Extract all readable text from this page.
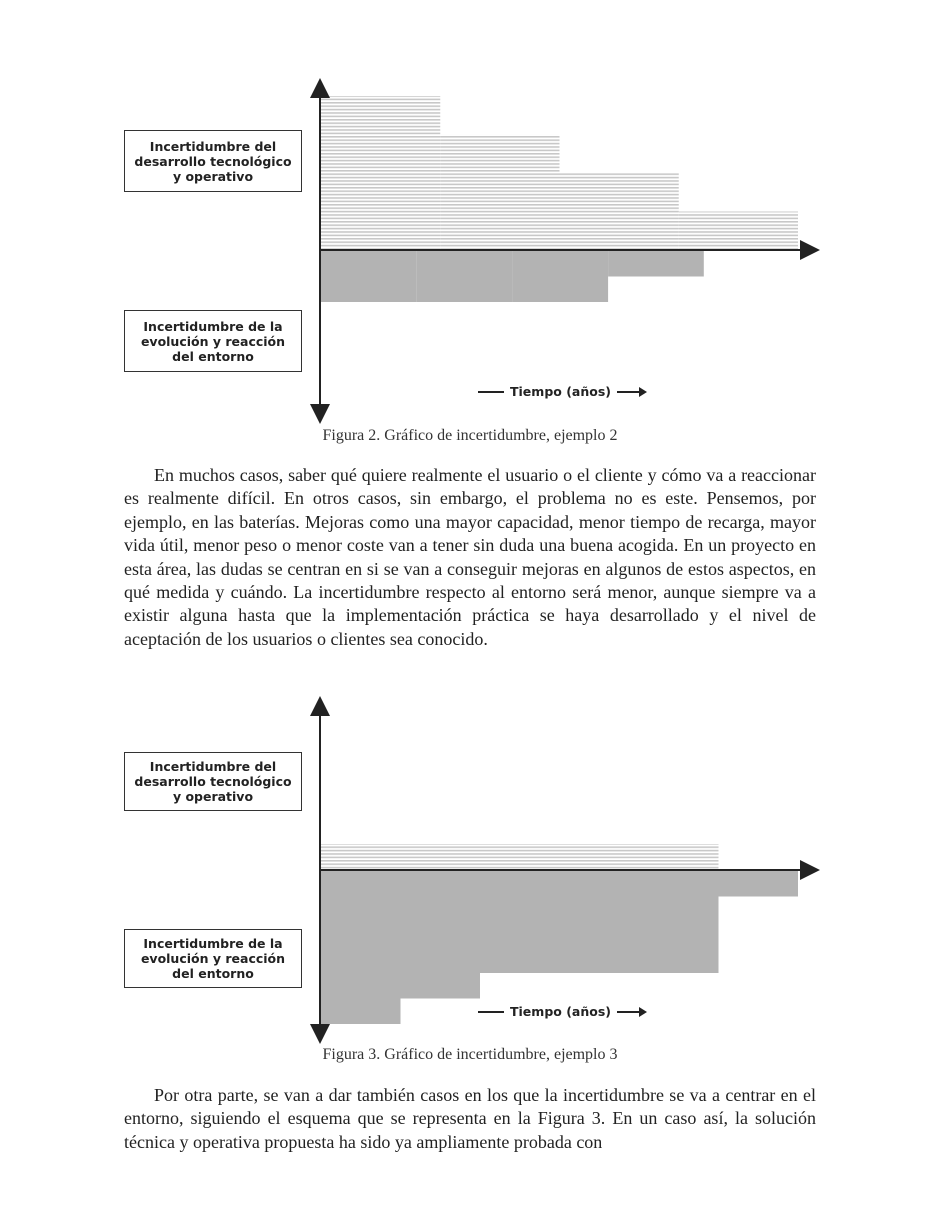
Incertidumbre del desarrollo tecnológico y operativo
Incertidumbre de la evolución y reacción del entorno
Tiempo (años)
Figura 2. Gráfico de incertidumbre, ejemplo 2

En muchos casos, saber qué quiere realmente el usuario o el cliente y cómo va a reaccionar es realmente difícil. En otros casos, sin embargo, el problema no es este. Pensemos, por ejemplo, en las baterías. Mejoras como una mayor capacidad, menor tiempo de recarga, mayor vida útil, menor peso o menor coste van a tener sin duda una buena acogida. En un proyecto en esta área, las dudas se centran en si se van a conseguir mejoras en algunos de estos aspectos, en qué medida y cuándo. La incertidumbre respecto al entorno será menor, aunque siempre va a existir alguna hasta que la implementación práctica se haya desarrollado y el nivel de aceptación de los usuarios o clientes sea conocido.

Incertidumbre del desarrollo tecnológico y operativo
Incertidumbre de la evolución y reacción del entorno
Tiempo (años)
Figura 3. Gráfico de incertidumbre, ejemplo 3

Por otra parte, se van a dar también casos en los que la incertidumbre se va a centrar en el entorno, siguiendo el esquema que se representa en la Figura 3. En un caso así, la solución técnica y operativa propuesta ha sido ya ampliamente probada con
